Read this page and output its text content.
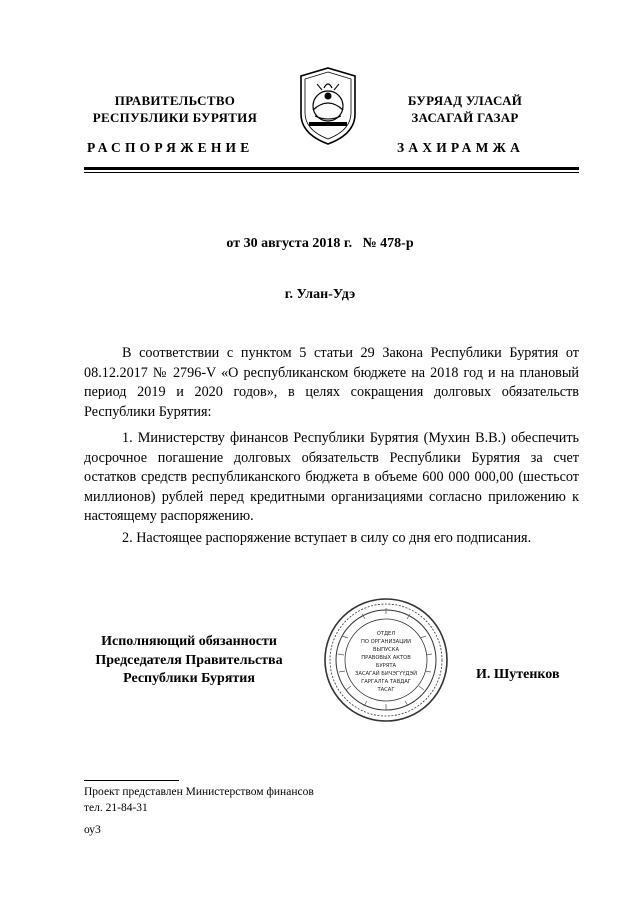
ПРАВИТЕЛЬСТВО
РЕСПУБЛИКИ БУРЯТИЯ
РАСПОРЯЖЕНИЕ
БУРЯАД УЛАСАЙ
ЗАСАГАЙ ГАЗАР
ЗАХИРАМЖА
от 30 августа 2018 г.   № 478-р
г. Улан-Удэ
В соответствии с пунктом 5 статьи 29 Закона Республики Бурятия от 08.12.2017 № 2796-V «О республиканском бюджете на 2018 год и на плановый период 2019 и 2020 годов», в целях сокращения долговых обязательств Республики Бурятия:
1. Министерству финансов Республики Бурятия (Мухин В.В.) обеспечить досрочное погашение долговых обязательств Республики Бурятия за счет остатков средств республиканского бюджета в объеме 600 000 000,00 (шестьсот миллионов) рублей перед кредитными организациями согласно приложению к настоящему распоряжению.
2. Настоящее распоряжение вступает в силу со дня его подписания.
Исполняющий обязанности
Председателя Правительства
Республики Бурятия
ОТДЕЛ
ПО ОРГАНИЗАЦИИ
ВЫПУСКА
ПРАВОВЫХ АКТОВ
БУРЯТА
ЗАСАГАЙ БИЧЭГҮҮДЭЙ
ГАРГАЛГА ТАВДАГ
ТАСАГ
И. Шутенков
Проект представлен Министерством финансов
тел. 21-84-31
оу3
